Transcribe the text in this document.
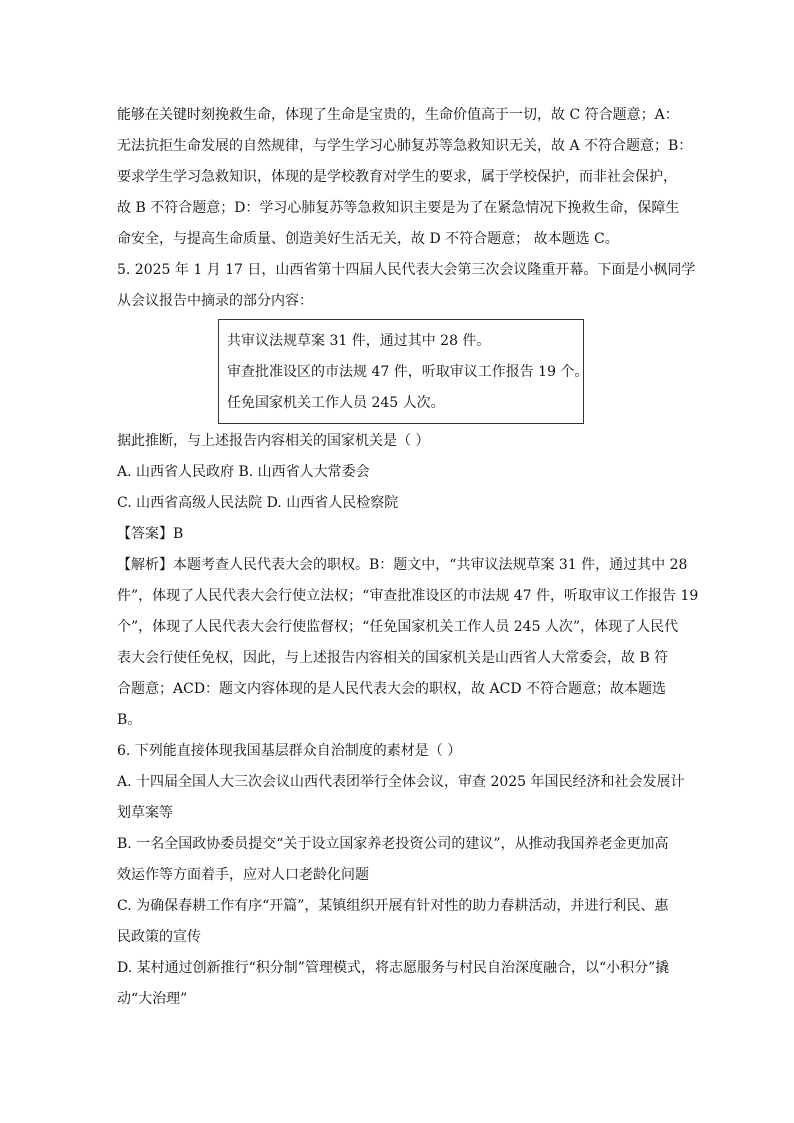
能够在关键时刻挽救生命，体现了生命是宝贵的，生命价值高于一切，故 C 符合题意；A：
无法抗拒生命发展的自然规律，与学生学习心肺复苏等急救知识无关，故 A 不符合题意；B：
要求学生学习急救知识，体现的是学校教育对学生的要求，属于学校保护，而非社会保护，
故 B 不符合题意；D：学习心肺复苏等急救知识主要是为了在紧急情况下挽救生命，保障生
命安全，与提高生命质量、创造美好生活无关，故 D 不符合题意； 故本题选 C。
5. 2025 年 1 月 17 日，山西省第十四届人民代表大会第三次会议隆重开幕。下面是小枫同学
从会议报告中摘录的部分内容：
共审议法规草案 31 件，通过其中 28 件。
审查批准设区的市法规 47 件，听取审议工作报告 19 个。
任免国家机关工作人员 245 人次。
据此推断，与上述报告内容相关的国家机关是（ ）
A. 山西省人民政府 B. 山西省人大常委会
C. 山西省高级人民法院 D. 山西省人民检察院
【答案】B
【解析】本题考查人民代表大会的职权。B：题文中，“共审议法规草案 31 件，通过其中 28
件”，体现了人民代表大会行使立法权；“审查批准设区的市法规 47 件，听取审议工作报告 19
个”，体现了人民代表大会行使监督权；“任免国家机关工作人员 245 人次”，体现了人民代
表大会行使任免权，因此，与上述报告内容相关的国家机关是山西省人大常委会，故 B 符
合题意；ACD：题文内容体现的是人民代表大会的职权，故 ACD 不符合题意；故本题选
B。
6. 下列能直接体现我国基层群众自治制度的素材是（ ）
A. 十四届全国人大三次会议山西代表团举行全体会议，审查 2025 年国民经济和社会发展计
划草案等
B. 一名全国政协委员提交“关于设立国家养老投资公司的建议”，从推动我国养老金更加高
效运作等方面着手，应对人口老龄化问题
C. 为确保春耕工作有序“开篇”，某镇组织开展有针对性的助力春耕活动，并进行利民、惠
民政策的宣传
D. 某村通过创新推行“积分制”管理模式，将志愿服务与村民自治深度融合，以“小积分”撬
动“大治理”
